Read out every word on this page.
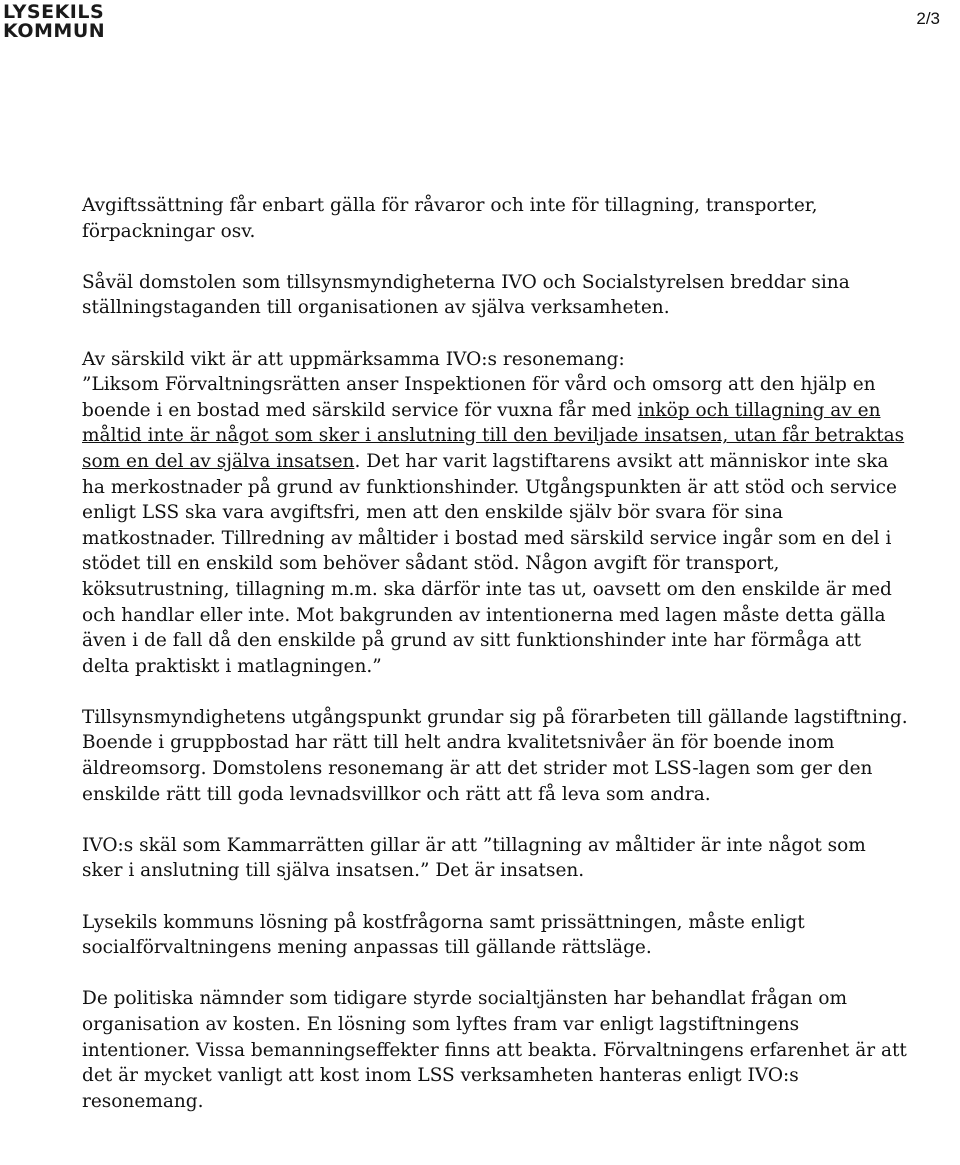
LYSEKILS
KOMMUN
2/3

Avgiftssättning får enbart gälla för råvaror och inte för tillagning, transporter, förpackningar osv.

Såväl domstolen som tillsynsmyndigheterna IVO och Socialstyrelsen breddar sina ställningstaganden till organisationen av själva verksamheten.

Av särskild vikt är att uppmärksamma IVO:s resonemang:
”Liksom Förvaltningsrätten anser Inspektionen för vård och omsorg att den hjälp en boende i en bostad med särskild service för vuxna får med inköp och tillagning av en måltid inte är något som sker i anslutning till den beviljade insatsen, utan får betraktas som en del av själva insatsen. Det har varit lagstiftarens avsikt att människor inte ska ha merkostnader på grund av funktionshinder. Utgångspunkten är att stöd och service enligt LSS ska vara avgiftsfri, men att den enskilde själv bör svara för sina matkostnader. Tillredning av måltider i bostad med särskild service ingår som en del i stödet till en enskild som behöver sådant stöd. Någon avgift för transport, köksutrustning, tillagning m.m. ska därför inte tas ut, oavsett om den enskilde är med och handlar eller inte. Mot bakgrunden av intentionerna med lagen måste detta gälla även i de fall då den enskilde på grund av sitt funktionshinder inte har förmåga att delta praktiskt i matlagningen.”

Tillsynsmyndighetens utgångspunkt grundar sig på förarbeten till gällande lagstiftning. Boende i gruppbostad har rätt till helt andra kvalitetsnivåer än för boende inom äldreomsorg. Domstolens resonemang är att det strider mot LSS-lagen som ger den enskilde rätt till goda levnadsvillkor och rätt att få leva som andra.

IVO:s skäl som Kammarrätten gillar är att ”tillagning av måltider är inte något som sker i anslutning till själva insatsen.” Det är insatsen.

Lysekils kommuns lösning på kostfrågorna samt prissättningen, måste enligt socialförvaltningens mening anpassas till gällande rättsläge.

De politiska nämnder som tidigare styrde socialtjänsten har behandlat frågan om organisation av kosten. En lösning som lyftes fram var enligt lagstiftningens intentioner. Vissa bemanningseffekter finns att beakta. Förvaltningens erfarenhet är att det är mycket vanligt att kost inom LSS verksamheten hanteras enligt IVO:s resonemang.
